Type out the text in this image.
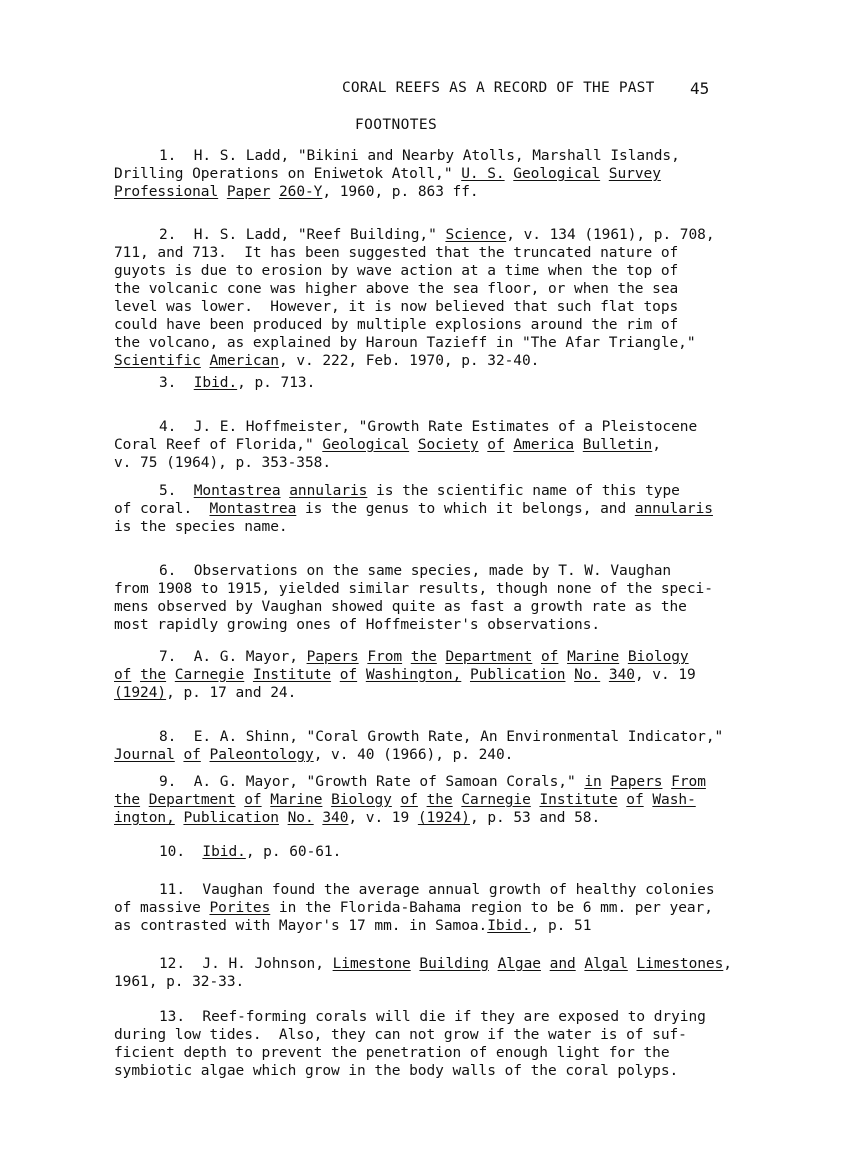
CORAL REEFS AS A RECORD OF THE PAST 45
FOOTNOTES
1.  H. S. Ladd, "Bikini and Nearby Atolls, Marshall Islands,
Drilling Operations on Eniwetok Atoll," U. S. Geological Survey
Professional Paper 260-Y, 1960, p. 863 ff.
2.  H. S. Ladd, "Reef Building," Science, v. 134 (1961), p. 708,
711, and 713.  It has been suggested that the truncated nature of
guyots is due to erosion by wave action at a time when the top of
the volcanic cone was higher above the sea floor, or when the sea
level was lower.  However, it is now believed that such flat tops
could have been produced by multiple explosions around the rim of
the volcano, as explained by Haroun Tazieff in "The Afar Triangle,"
Scientific American, v. 222, Feb. 1970, p. 32-40.
3.  Ibid., p. 713.
4.  J. E. Hoffmeister, "Growth Rate Estimates of a Pleistocene
Coral Reef of Florida," Geological Society of America Bulletin,
v. 75 (1964), p. 353-358.
5.  Montastrea annularis is the scientific name of this type
of coral.  Montastrea is the genus to which it belongs, and annularis
is the species name.
6.  Observations on the same species, made by T. W. Vaughan
from 1908 to 1915, yielded similar results, though none of the speci-
mens observed by Vaughan showed quite as fast a growth rate as the
most rapidly growing ones of Hoffmeister's observations.
7.  A. G. Mayor, Papers From the Department of Marine Biology
of the Carnegie Institute of Washington, Publication No. 340, v. 19
(1924), p. 17 and 24.
8.  E. A. Shinn, "Coral Growth Rate, An Environmental Indicator,"
Journal of Paleontology, v. 40 (1966), p. 240.
9.  A. G. Mayor, "Growth Rate of Samoan Corals," in Papers From
the Department of Marine Biology of the Carnegie Institute of Wash-
ington, Publication No. 340, v. 19 (1924), p. 53 and 58.
10.  Ibid., p. 60-61.
11.  Vaughan found the average annual growth of healthy colonies
of massive Porites in the Florida-Bahama region to be 6 mm. per year,
as contrasted with Mayor's 17 mm. in Samoa.Ibid., p. 51
12.  J. H. Johnson, Limestone Building Algae and Algal Limestones,
1961, p. 32-33.
13.  Reef-forming corals will die if they are exposed to drying
during low tides.  Also, they can not grow if the water is of suf-
ficient depth to prevent the penetration of enough light for the
symbiotic algae which grow in the body walls of the coral polyps.
